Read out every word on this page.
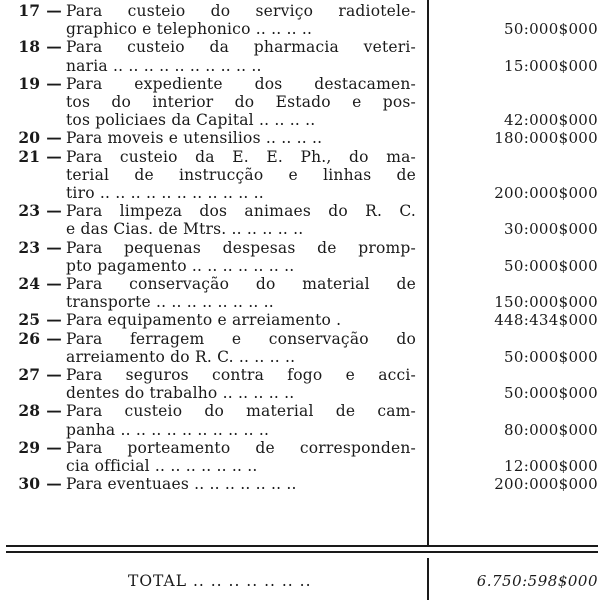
17 — Para custeio do serviço radiotele-
graphico e telephonico .. .. .. ..	50:000$000
18 — Para custeio da pharmacia veteri-
naria .. .. .. .. .. .. .. .. .. ..	15:000$000
19 — Para expediente dos destacamen-
tos do interior do Estado e pos-
tos policiaes da Capital .. .. .. ..	42:000$000
20 — Para moveis e utensilios .. .. .. ..	180:000$000
21 — Para custeio da E. E. Ph., do ma-
terial de instrucção e linhas de
tiro .. .. .. .. .. .. .. .. .. .. ..	200:000$000
23 — Para limpeza dos animaes do R. C.
e das Cias. de Mtrs. .. .. .. .. ..	30:000$000
23 — Para pequenas despesas de promp-
pto pagamento .. .. .. .. .. .. ..	50:000$000
24 — Para conservação do material de
transporte .. .. .. .. .. .. .. ..	150:000$000
25 — Para equipamento e arreiamento .	448:434$000
26 — Para ferragem e conservação do
arreiamento do R. C. .. .. .. ..	50:000$000
27 — Para seguros contra fogo e acci-
dentes do trabalho .. .. .. .. ..	50:000$000
28 — Para custeio do material de cam-
panha .. .. .. .. .. .. .. .. .. ..	80:000$000
29 — Para porteamento de corresponden-
cia official .. .. .. .. .. .. ..	12:000$000
30 — Para eventuaes .. .. .. .. .. .. ..	200:000$000
TOTAL .. .. .. .. .. .. ..	6.750:598$000
